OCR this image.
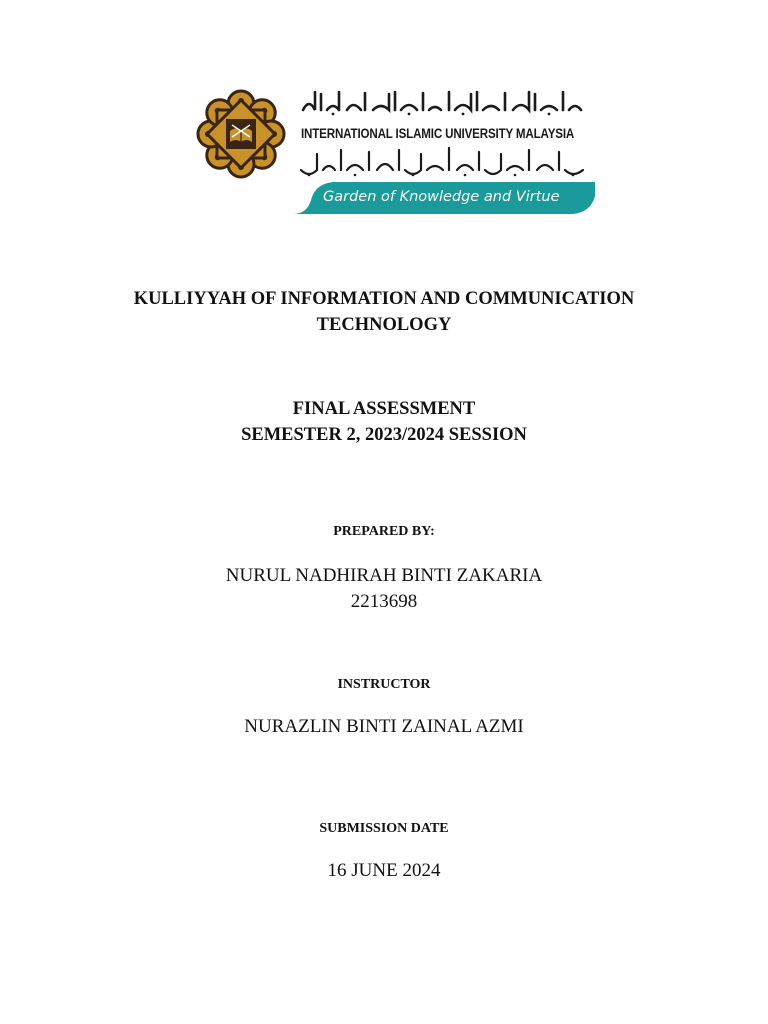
INTERNATIONAL ISLAMIC UNIVERSITY MALAYSIA
Garden of Knowledge and Virtue
KULLIYYAH OF INFORMATION AND COMMUNICATION
TECHNOLOGY
FINAL ASSESSMENT
SEMESTER 2, 2023/2024 SESSION
PREPARED BY:
NURUL NADHIRAH BINTI ZAKARIA
2213698
INSTRUCTOR
NURAZLIN BINTI ZAINAL AZMI
SUBMISSION DATE
16 JUNE 2024
